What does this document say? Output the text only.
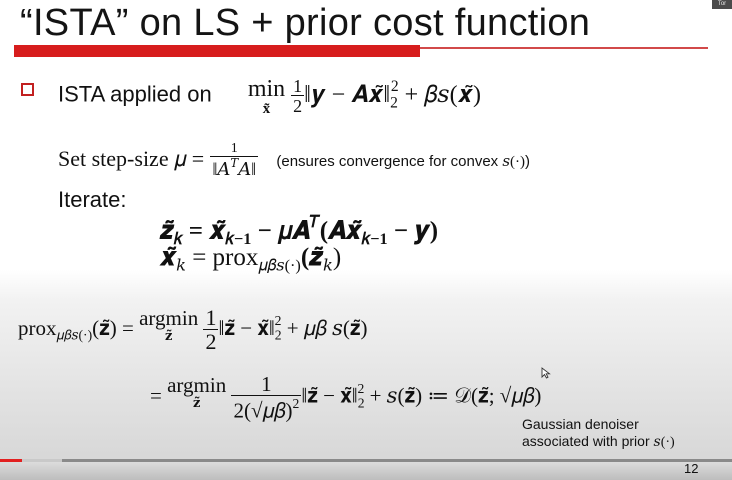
“ISTA” on LS + prior cost function	Tor
ISTA applied on min
x̃
$\frac{1}{2}$ ‖𝒚 − $𝑨𝒙̃‖_2^2$ + 𝛽𝑠(𝒙̃)
Set step-size 𝜇 = $\frac{1}{‖𝐴^𝑇𝐴‖}$ (ensures convergence for convex 𝑠(·))
Iterate:
$𝒛̃_𝑘$ = $𝒙̃_{𝑘-1}$ − $𝜇𝑨^𝑇(𝑨𝒙̃_{𝑘-1}$ − 𝒚)
$𝒙̃_𝑘$ = $prox_{𝜇𝛽𝑠(\cdot)}(𝒛̃_𝑘)$
prox$_{𝜇𝛽𝑠(\cdot)}$(𝐳̃) = argmin
𝐳̃
$\frac{1}{2}$ ‖𝐳̃ − $𝐱̃‖_2^2$ + 𝜇𝛽 𝑠(𝐳̃)
= argmin
𝐳̃
$\frac{1}{2(√𝜇𝛽)^2}$ ‖𝐳̃ − $𝐱̃‖_2^2$ + 𝑠(𝐳̃) ≔ 𝒟(𝐳̃; √𝜇𝛽)
Gaussian denoiser
associated with prior 𝑠(·)
12
